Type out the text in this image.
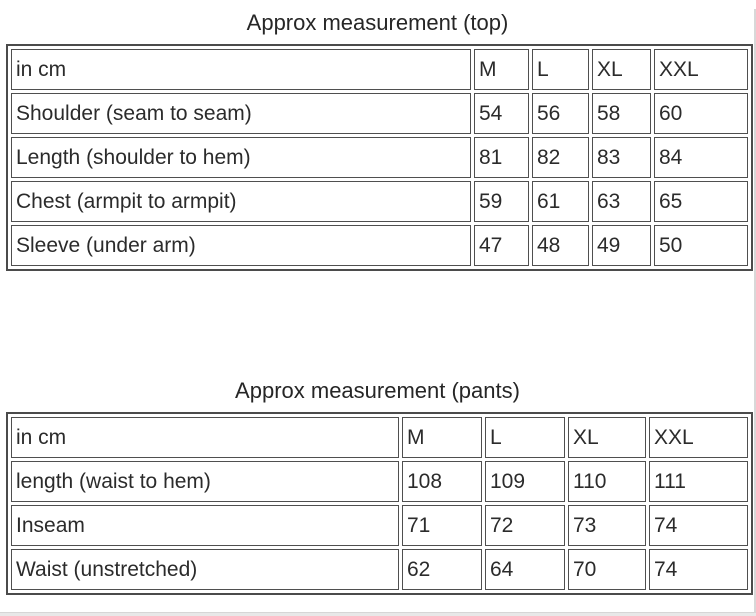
Approx measurement (top)
in cm	M	L	XL	XXL
Shoulder (seam to seam)	54	56	58	60
Length (shoulder to hem)	81	82	83	84
Chest (armpit to armpit)	59	61	63	65
Sleeve (under arm)	47	48	49	50
Approx measurement (pants)
in cm	M	L	XL	XXL
length (waist to hem)	108	109	110	111
Inseam	71	72	73	74
Waist (unstretched)	62	64	70	74
